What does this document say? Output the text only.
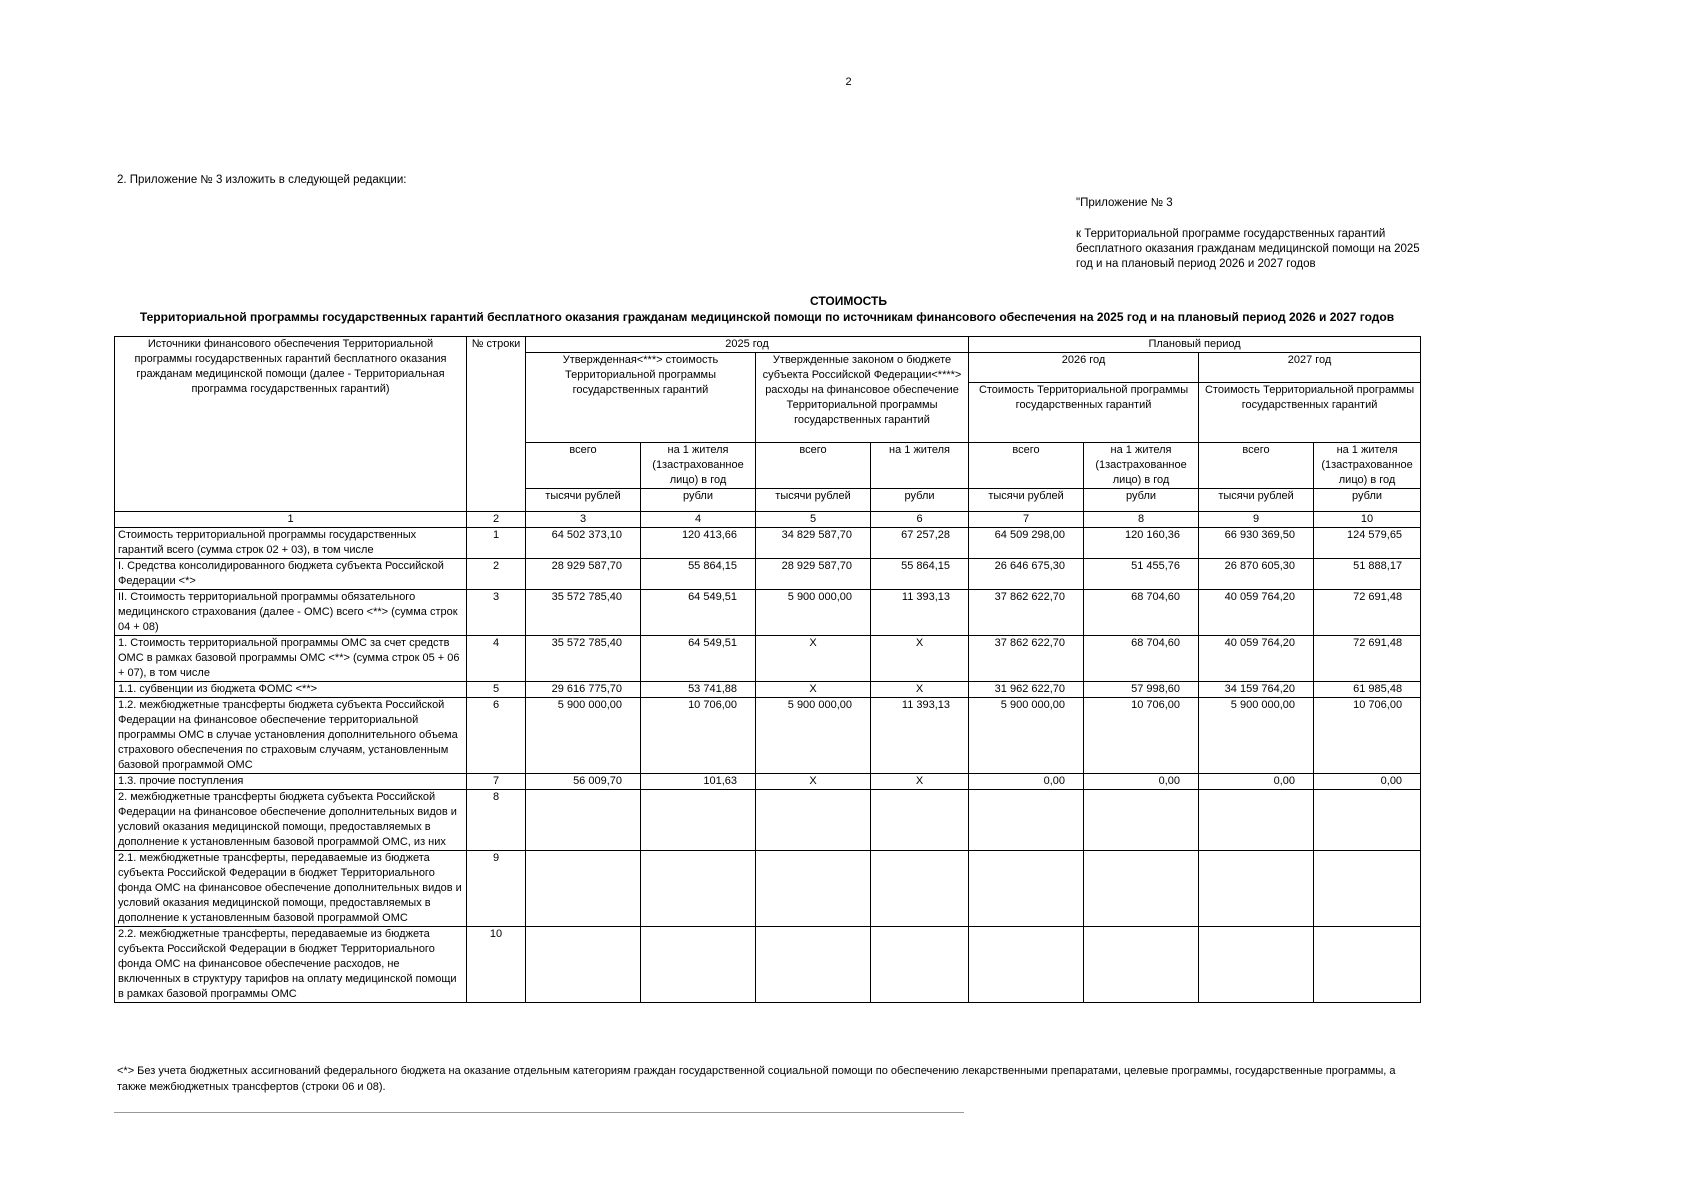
2
2. Приложение № 3 изложить в следующей редакции:
"Приложение № 3
к Территориальной программе государственных гарантий бесплатного оказания гражданам медицинской помощи на 2025 год и на плановый период 2026 и 2027 годов
СТОИМОСТЬ
Территориальной программы государственных гарантий бесплатного оказания гражданам медицинской помощи по источникам финансового обеспечения на 2025 год и на плановый период 2026 и 2027 годов
Источники финансового обеспечения Территориальной программы государственных гарантий бесплатного оказания гражданам медицинской помощи (далее - Территориальная программа государственных гарантий)	№ строки	2025 год				Плановый период			
		Утвержденная<***> стоимость Территориальной программы государственных гарантий		Утвержденные законом о бюджете субъекта Российской Федерации<****> расходы на финансовое обеспечение Территориальной программы государственных гарантий		2026 год		2027 год	
						Стоимость Территориальной программы государственных гарантий		Стоимость Территориальной программы государственных гарантий	
		всего	на 1 жителя (1застрахованное лицо) в год	всего	на 1 жителя	всего	на 1 жителя (1застрахованное лицо) в год	всего	на 1 жителя (1застрахованное лицо) в год
		тысячи рублей	рубли	тысячи рублей	рубли	тысячи рублей	рубли	тысячи рублей	рубли
1	2	3	4	5	6	7	8	9	10
Стоимость территориальной программы государственных гарантий всего (сумма строк 02 + 03), в том числе	1	64 502 373,10	120 413,66	34 829 587,70	67 257,28	64 509 298,00	120 160,36	66 930 369,50	124 579,65
I. Средства консолидированного бюджета субъекта Российской Федерации <*>	2	28 929 587,70	55 864,15	28 929 587,70	55 864,15	26 646 675,30	51 455,76	26 870 605,30	51 888,17
II. Стоимость территориальной программы обязательного медицинского страхования (далее - ОМС) всего <**> (сумма строк 04 + 08)	3	35 572 785,40	64 549,51	5 900 000,00	11 393,13	37 862 622,70	68 704,60	40 059 764,20	72 691,48
1. Стоимость территориальной программы ОМС за счет средств ОМС в рамках базовой программы ОМС <**> (сумма строк 05 + 06 + 07), в том числе	4	35 572 785,40	64 549,51	X	X	37 862 622,70	68 704,60	40 059 764,20	72 691,48
1.1. субвенции из бюджета ФОМС <**>	5	29 616 775,70	53 741,88	X	X	31 962 622,70	57 998,60	34 159 764,20	61 985,48
1.2. межбюджетные трансферты бюджета субъекта Российской Федерации на финансовое обеспечение территориальной программы ОМС в случае установления дополнительного объема страхового обеспечения по страховым случаям, установленным базовой программой ОМС	6	5 900 000,00	10 706,00	5 900 000,00	11 393,13	5 900 000,00	10 706,00	5 900 000,00	10 706,00
1.3. прочие поступления	7	56 009,70	101,63	X	X	0,00	0,00	0,00	0,00
2. межбюджетные трансферты бюджета субъекта Российской Федерации на финансовое обеспечение дополнительных видов и условий оказания медицинской помощи, предоставляемых в дополнение к установленным базовой программой ОМС, из них	8								
2.1. межбюджетные трансферты, передаваемые из бюджета субъекта Российской Федерации в бюджет Территориального фонда ОМС на финансовое обеспечение дополнительных видов и условий оказания медицинской помощи, предоставляемых в дополнение к установленным базовой программой ОМС	9								
2.2. межбюджетные трансферты, передаваемые из бюджета субъекта Российской Федерации в бюджет Территориального фонда ОМС на финансовое обеспечение расходов, не включенных в структуру тарифов на оплату медицинской помощи в рамках базовой программы ОМС	10								
<*> Без учета бюджетных ассигнований федерального бюджета на оказание отдельным категориям граждан государственной социальной помощи по обеспечению лекарственными препаратами, целевые программы, государственные программы, а также межбюджетных трансфертов (строки 06 и 08).
